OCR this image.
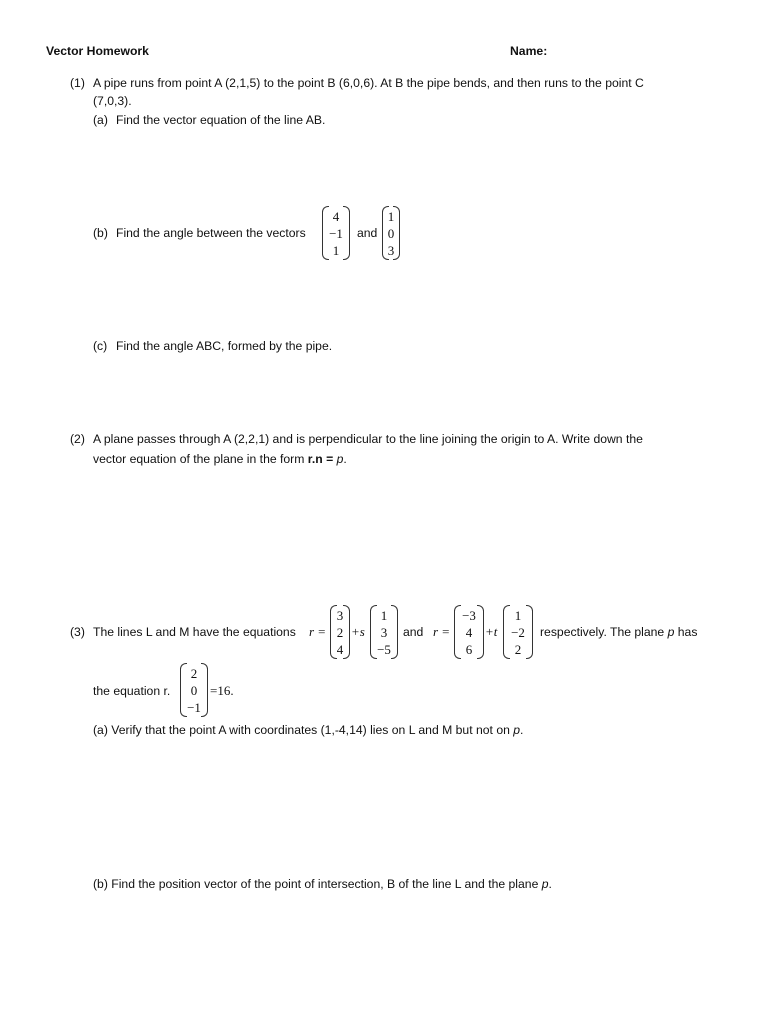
Vector Homework	Name:
(1) A pipe runs from point A (2,1,5) to the point B (6,0,6). At B the pipe bends, and then runs to the point C
(7,0,3).
(a) Find the vector equation of the line AB.
(b) Find the angle between the vectors
4
−1
1
and
1
0
3
(c) Find the angle ABC, formed by the pipe.
(2) A plane passes through A (2,2,1) and is perpendicular to the line joining the origin to A. Write down the
vector equation of the plane in the form r.n = p.
(3) The lines L and M have the equations r =
3
2
4
+s
1
3
−5
and r =
−3
4
6
+t
1
−2
2
respectively. The plane p has
the equation r.
2
0
−1
=16.
(a) Verify that the point A with coordinates (1,-4,14) lies on L and M but not on p.
(b) Find the position vector of the point of intersection, B of the line L and the plane p.
